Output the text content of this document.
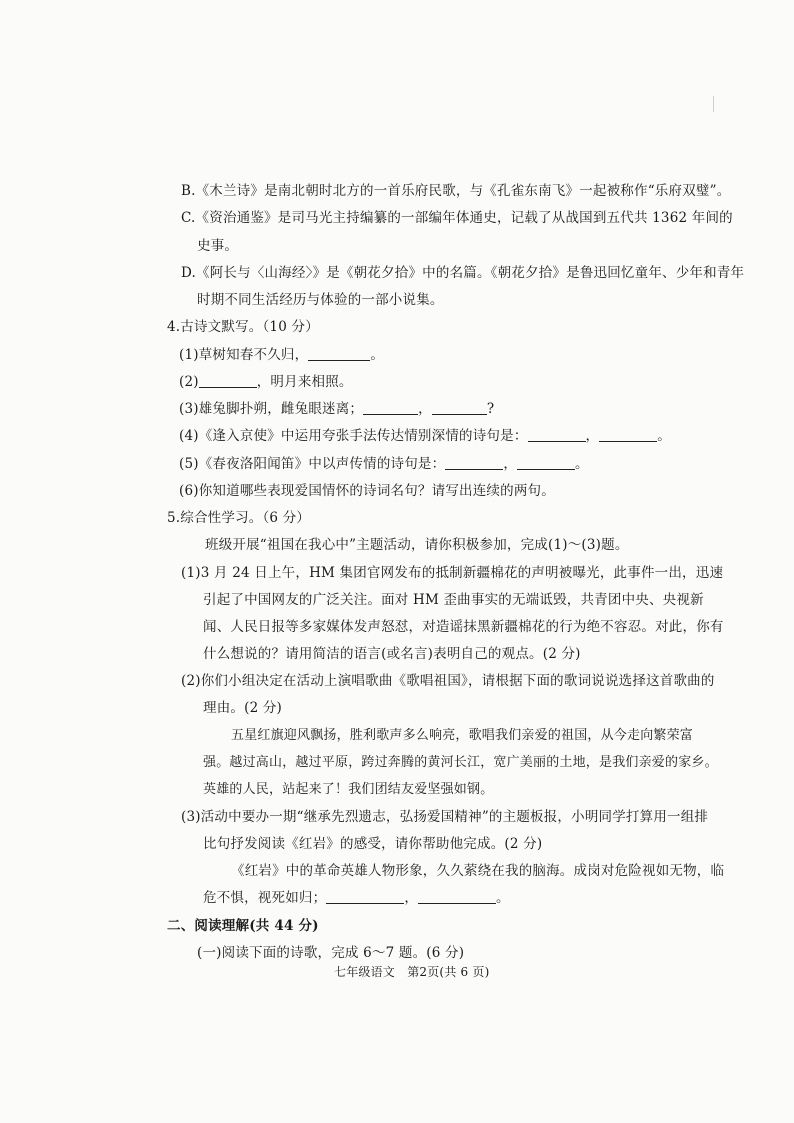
B.《木兰诗》是南北朝时北方的一首乐府民歌，与《孔雀东南飞》一起被称作“乐府双璧”。
C.《资治通鉴》是司马光主持编纂的一部编年体通史，记载了从战国到五代共 1362 年间的
史事。
D.《阿长与〈山海经〉》是《朝花夕拾》中的名篇。《朝花夕拾》是鲁迅回忆童年、少年和青年
时期不同生活经历与体验的一部小说集。
4.古诗文默写。（10 分）
(1)草树知春不久归，	。
(2)	，明月来相照。
(3)雄兔脚扑朔，雌兔眼迷离；	，	?
(4)《逢入京使》中运用夸张手法传达情别深情的诗句是：	，	。
(5)《春夜洛阳闻笛》中以声传情的诗句是：	，	。
(6)你知道哪些表现爱国情怀的诗词名句？请写出连续的两句。
5.综合性学习。（6 分）
班级开展“祖国在我心中”主题活动，请你积极参加，完成(1)～(3)题。
(1)3 月 24 日上午，HM 集团官网发布的抵制新疆棉花的声明被曝光，此事件一出，迅速
引起了中国网友的广泛关注。面对 HM 歪曲事实的无端诋毁，共青团中央、央视新
闻、人民日报等多家媒体发声怒怼，对造谣抹黑新疆棉花的行为绝不容忍。对此，你有
什么想说的？请用简洁的语言(或名言)表明自己的观点。(2 分)
(2)你们小组决定在活动上演唱歌曲《歌唱祖国》，请根据下面的歌词说说选择这首歌曲的
理由。(2 分)
五星红旗迎风飘扬，胜利歌声多么响亮，歌唱我们亲爱的祖国，从今走向繁荣富
强。越过高山，越过平原，跨过奔腾的黄河长江，宽广美丽的土地，是我们亲爱的家乡。
英雄的人民，站起来了！我们团结友爱坚强如钢。
(3)活动中要办一期“继承先烈遗志，弘扬爱国精神”的主题板报，小明同学打算用一组排
比句抒发阅读《红岩》的感受，请你帮助他完成。(2 分)
《红岩》中的革命英雄人物形象，久久萦绕在我的脑海。成岗对危险视如无物，临
危不惧，视死如归；	，	。
二、阅读理解(共 44 分)
(一)阅读下面的诗歌，完成 6～7 题。(6 分)
七年级语文　第2页(共 6 页)
